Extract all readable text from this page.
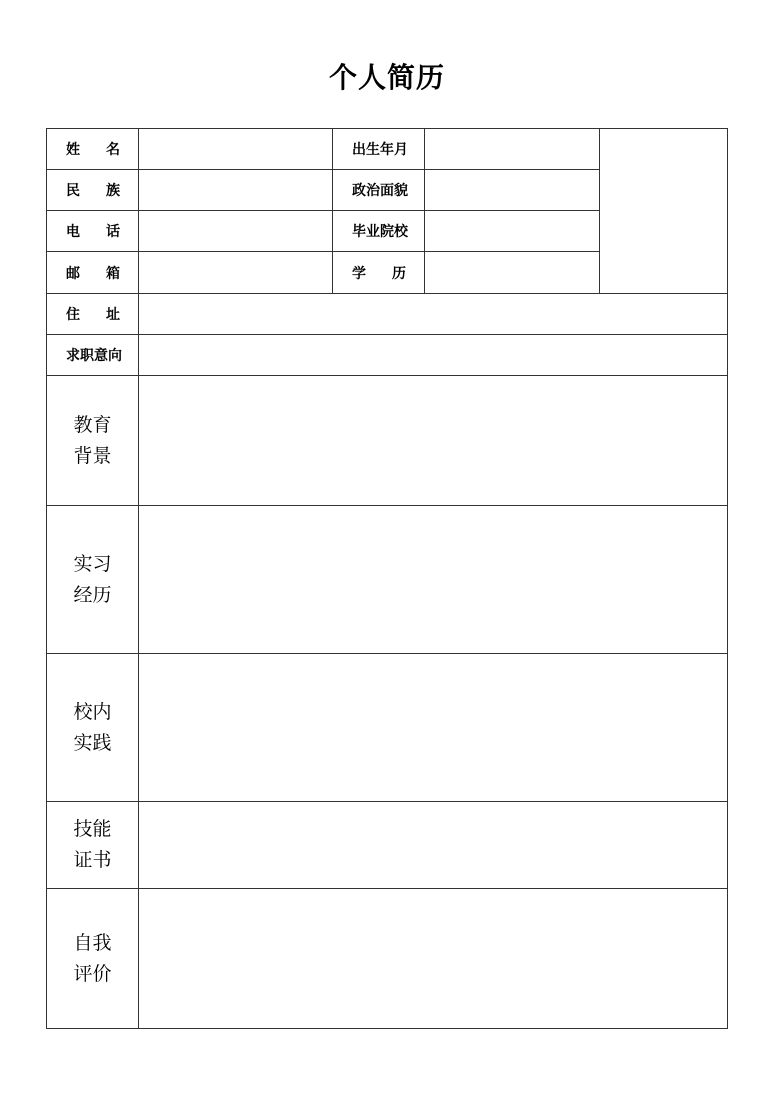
个人简历
姓 名		出生年月		

民 族		政治面貌		

电 话		毕业院校		

邮 箱		学 历		

住 址				

求职意向				

教育
背景				

实习
经历				

校内
实践				

技能
证书				

自我
评价				
